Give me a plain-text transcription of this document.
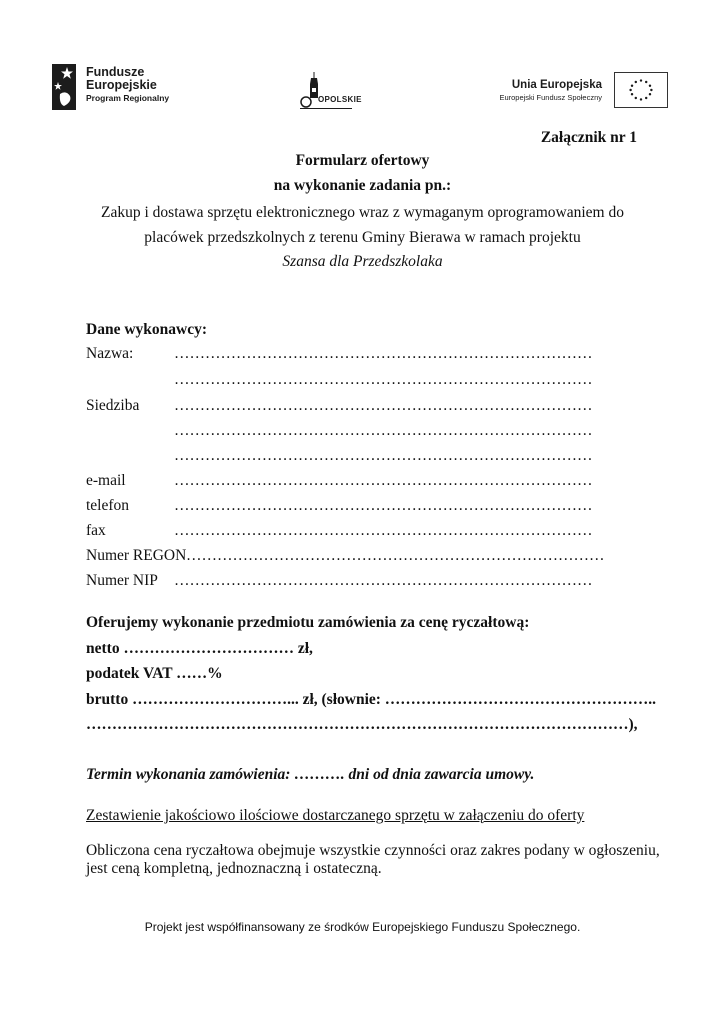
Fundusze
Europejskie
Program Regionalny	OPOLSKIE
Unia Europejska
Europejski Fundusz Społeczny
Załącznik nr 1
Formularz ofertowy
na wykonanie zadania pn.:
Zakup i dostawa sprzętu elektronicznego wraz z wymaganym oprogramowaniem do
placówek przedszkolnych z terenu Gminy Bierawa w ramach projektu
Szansa dla Przedszkolaka
Dane wykonawcy:
Nazwa:	………………………………………………………………………
………………………………………………………………………
Siedziba ………………………………………………………………………
………………………………………………………………………
………………………………………………………………………
e-mail	………………………………………………………………………
telefon	………………………………………………………………………
fax	………………………………………………………………………
Numer REGON ………………………………………………………………………
Numer NIP ………………………………………………………………………
Oferujemy wykonanie przedmiotu zamówienia za cenę ryczałtową:
netto …………………………… zł,
podatek VAT ……%
brutto …………………………... zł, (słownie: ……………………………………………..
……………………………………………………………………………………………),
Termin wykonania zamówienia: ………. dni od dnia zawarcia umowy.
Zestawienie jakościowo ilościowe dostarczanego sprzętu w załączeniu do oferty
Obliczona cena ryczałtowa obejmuje wszystkie czynności oraz zakres podany w ogłoszeniu,
jest ceną kompletną, jednoznaczną i ostateczną.
Projekt jest współfinansowany ze środków Europejskiego Funduszu Społecznego.
